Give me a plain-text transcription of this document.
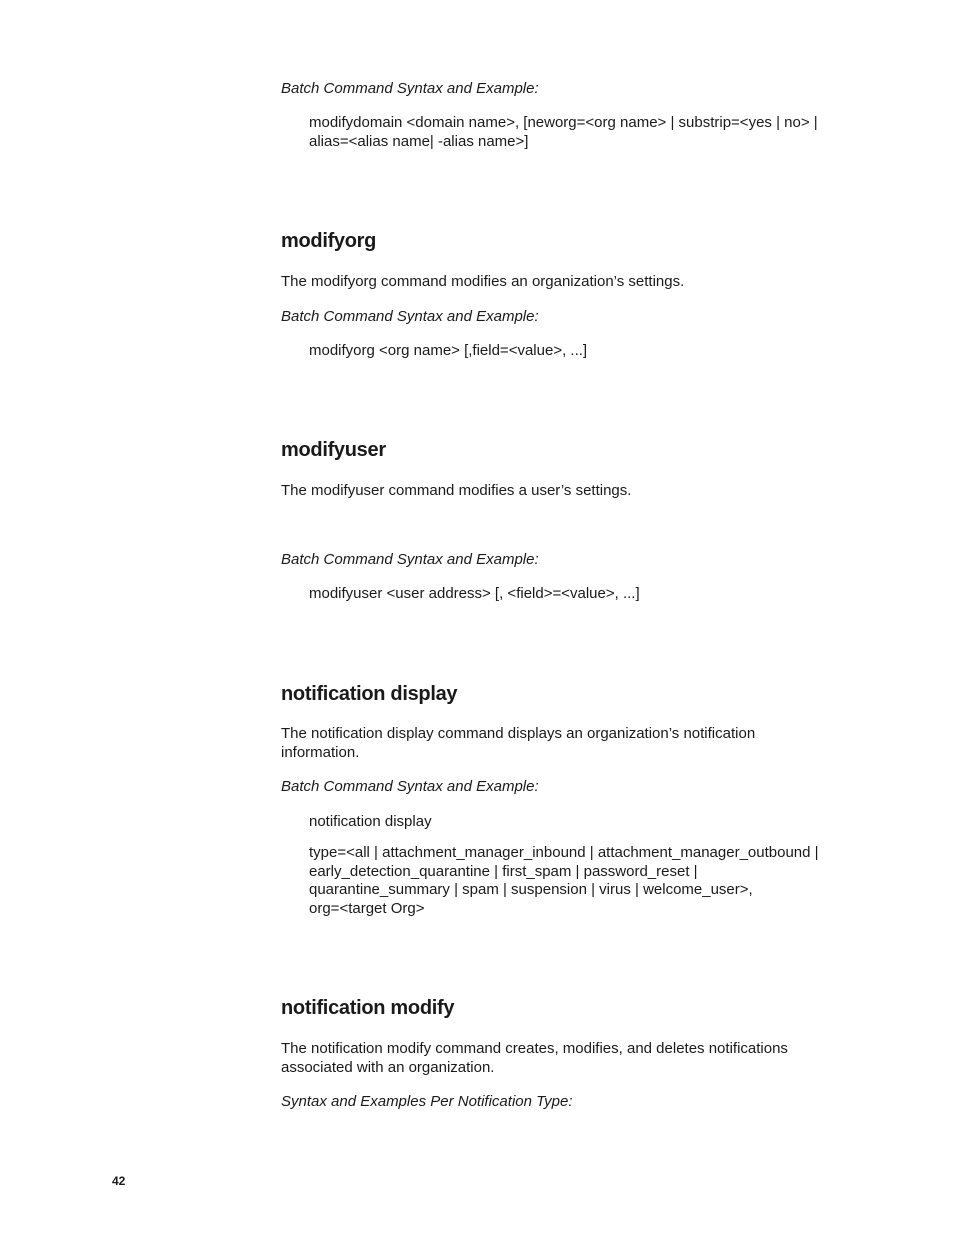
Batch Command Syntax and Example:

modifydomain <domain name>, [neworg=<org name> | substrip=<yes | no> |

alias=<alias name| -alias name>]

modifyorg

The modifyorg command modifies an organization’s settings.

Batch Command Syntax and Example:

modifyorg <org name> [,field=<value>, ...]

modifyuser

The modifyuser command modifies a user’s settings.

Batch Command Syntax and Example:

modifyuser <user address> [, <field>=<value>, ...]

notification display

The notification display command displays an organization’s notification

information.

Batch Command Syntax and Example:

notification display

type=<all | attachment_manager_inbound | attachment_manager_outbound |

early_detection_quarantine | first_spam | password_reset |

quarantine_summary | spam | suspension | virus | welcome_user>,

org=<target Org>

notification modify

The notification modify command creates, modifies, and deletes notifications

associated with an organization.

Syntax and Examples Per Notification Type:

42
